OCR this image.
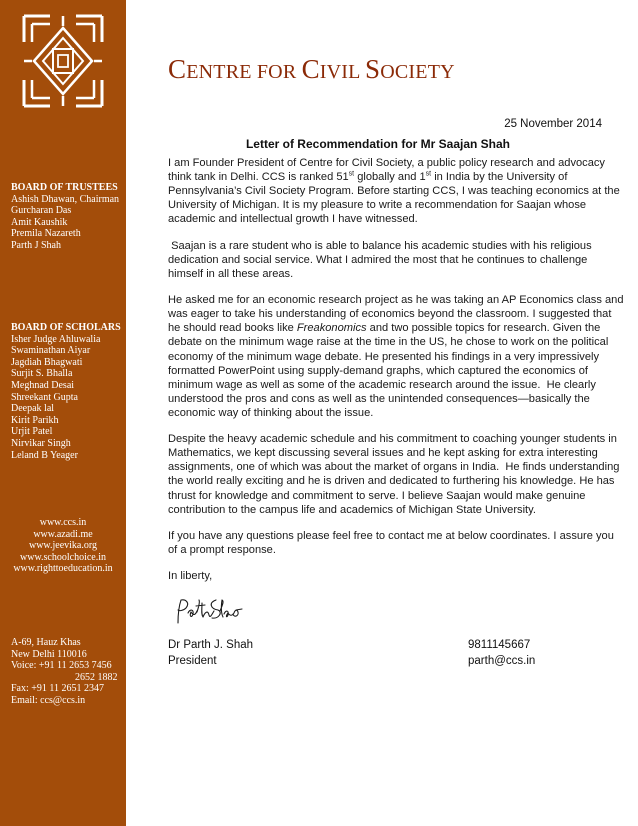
BOARD OF TRUSTEES
Ashish Dhawan, Chairman
Gurcharan Das
Amit Kaushik
Premila Nazareth
Parth J Shah
BOARD OF SCHOLARS
Isher Judge Ahluwalia
Swaminathan Aiyar
Jagdiah Bhagwati
Surjit S. Bhalla
Meghnad Desai
Shreekant Gupta
Deepak lal
Kirit Parikh
Urjit Patel
Nirvikar Singh
Leland B Yeager
www.ccs.in
www.azadi.me
www.jeevika.org
www.schoolchoice.in
www.righttoeducation.in
A-69, Hauz Khas
New Delhi 110016
Voice: +91 11 2653 7456
2652 1882
Fax: +91 11 2651 2347
Email: ccs@ccs.in
CENTRE FOR CIVIL SOCIETY
25 November 2014
Letter of Recommendation for Mr Saajan Shah

I am Founder President of Centre for Civil Society, a public policy research and advocacy
think tank in Delhi. CCS is ranked 51st globally and 1st in India by the University of
Pennsylvania’s Civil Society Program. Before starting CCS, I was teaching economics at the
University of Michigan. It is my pleasure to write a recommendation for Saajan whose
academic and intellectual growth I have witnessed.

Saajan is a rare student who is able to balance his academic studies with his religious
dedication and social service. What I admired the most that he continues to challenge
himself in all these areas.

He asked me for an economic research project as he was taking an AP Economics class and
was eager to take his understanding of economics beyond the classroom. I suggested that
he should read books like Freakonomics and two possible topics for research. Given the
debate on the minimum wage raise at the time in the US, he chose to work on the political
economy of the minimum wage debate. He presented his findings in a very impressively
formatted PowerPoint using supply-demand graphs, which captured the economics of
minimum wage as well as some of the academic research around the issue.  He clearly
understood the pros and cons as well as the unintended consequences—basically the
economic way of thinking about the issue.

Despite the heavy academic schedule and his commitment to coaching younger students in
Mathematics, we kept discussing several issues and he kept asking for extra interesting
assignments, one of which was about the market of organs in India.  He finds understanding
the world really exciting and he is driven and dedicated to furthering his knowledge. He has
thrust for knowledge and commitment to serve. I believe Saajan would make genuine
contribution to the campus life and academics of Michigan State University.

If you have any questions please feel free to contact me at below coordinates. I assure you
of a prompt response.

In liberty,

Dr Parth J. Shah
President
9811145667
parth@ccs.in
